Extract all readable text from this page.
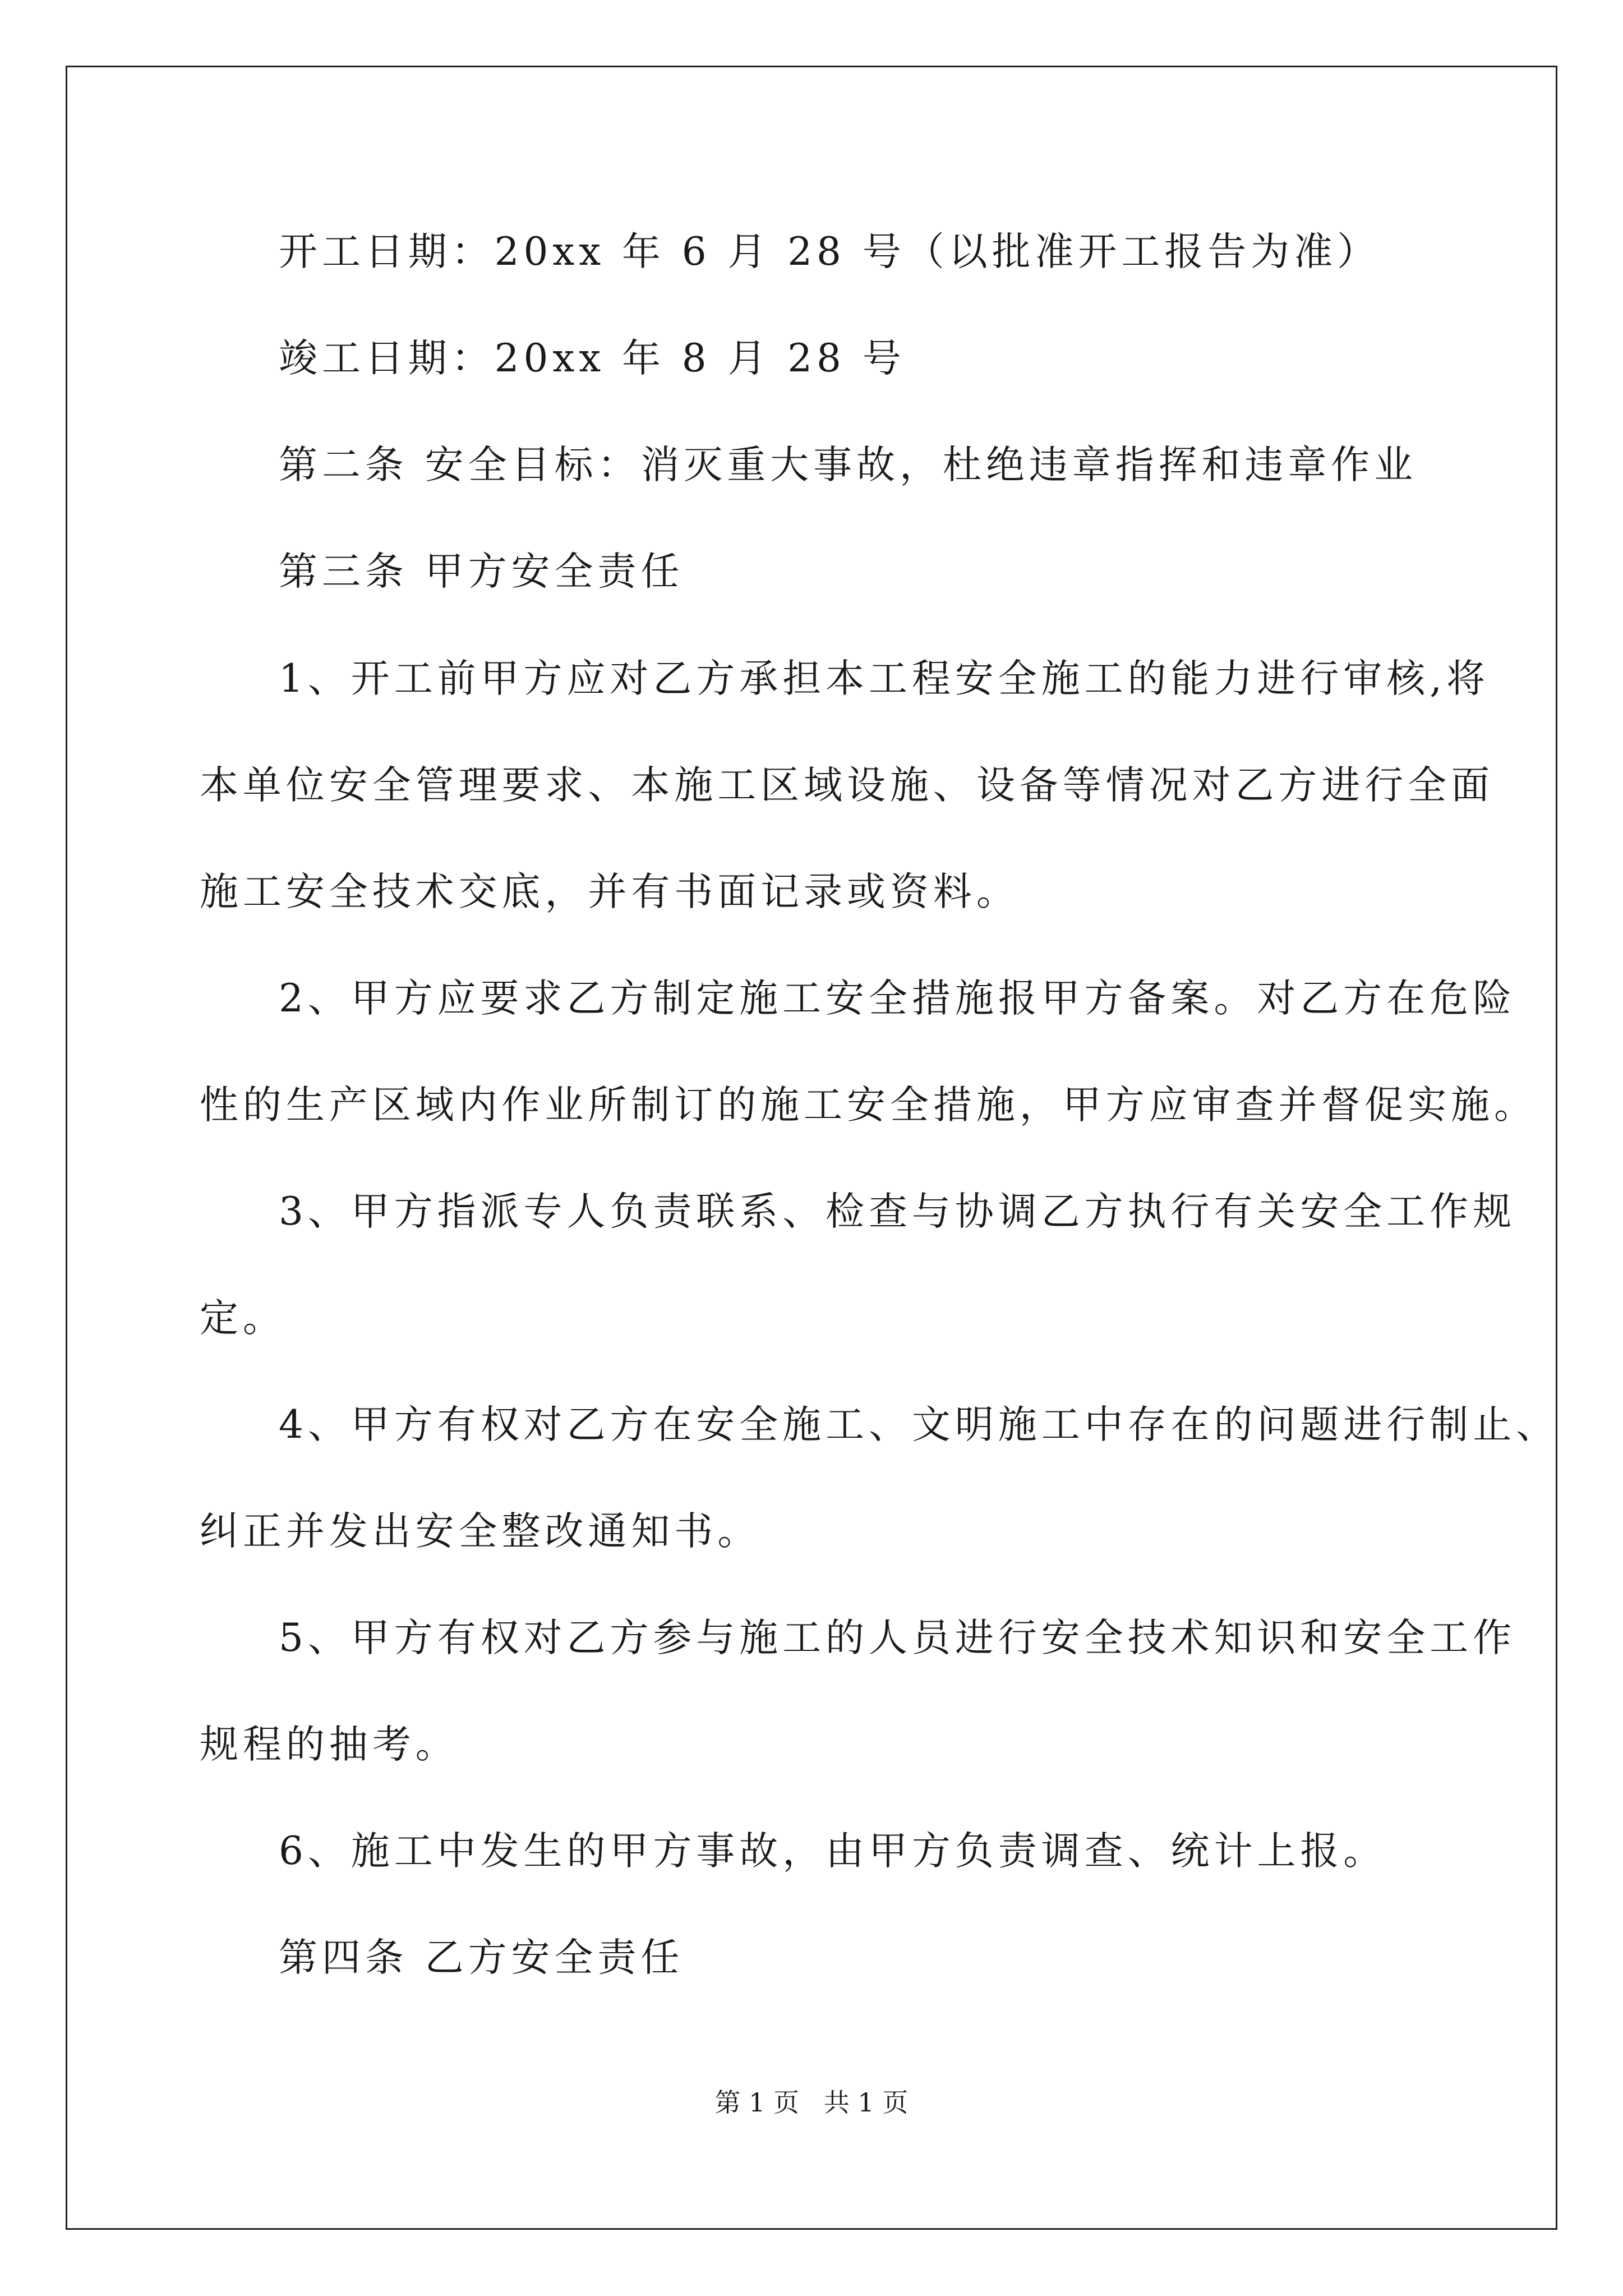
开工日期：20xx 年 6 月 28 号（以批准开工报告为准）

竣工日期：20xx 年 8 月 28 号

第二条 安全目标：消灭重大事故，杜绝违章指挥和违章作业

第三条 甲方安全责任

1、开工前甲方应对乙方承担本工程安全施工的能力进行审核,将

本单位安全管理要求、本施工区域设施、设备等情况对乙方进行全面

施工安全技术交底，并有书面记录或资料。

2、甲方应要求乙方制定施工安全措施报甲方备案。对乙方在危险

性的生产区域内作业所制订的施工安全措施，甲方应审查并督促实施。

3、甲方指派专人负责联系、检查与协调乙方执行有关安全工作规

定。

4、甲方有权对乙方在安全施工、文明施工中存在的问题进行制止、

纠正并发出安全整改通知书。

5、甲方有权对乙方参与施工的人员进行安全技术知识和安全工作

规程的抽考。

6、施工中发生的甲方事故，由甲方负责调查、统计上报。

第四条 乙方安全责任

第 1 页   共 1 页
